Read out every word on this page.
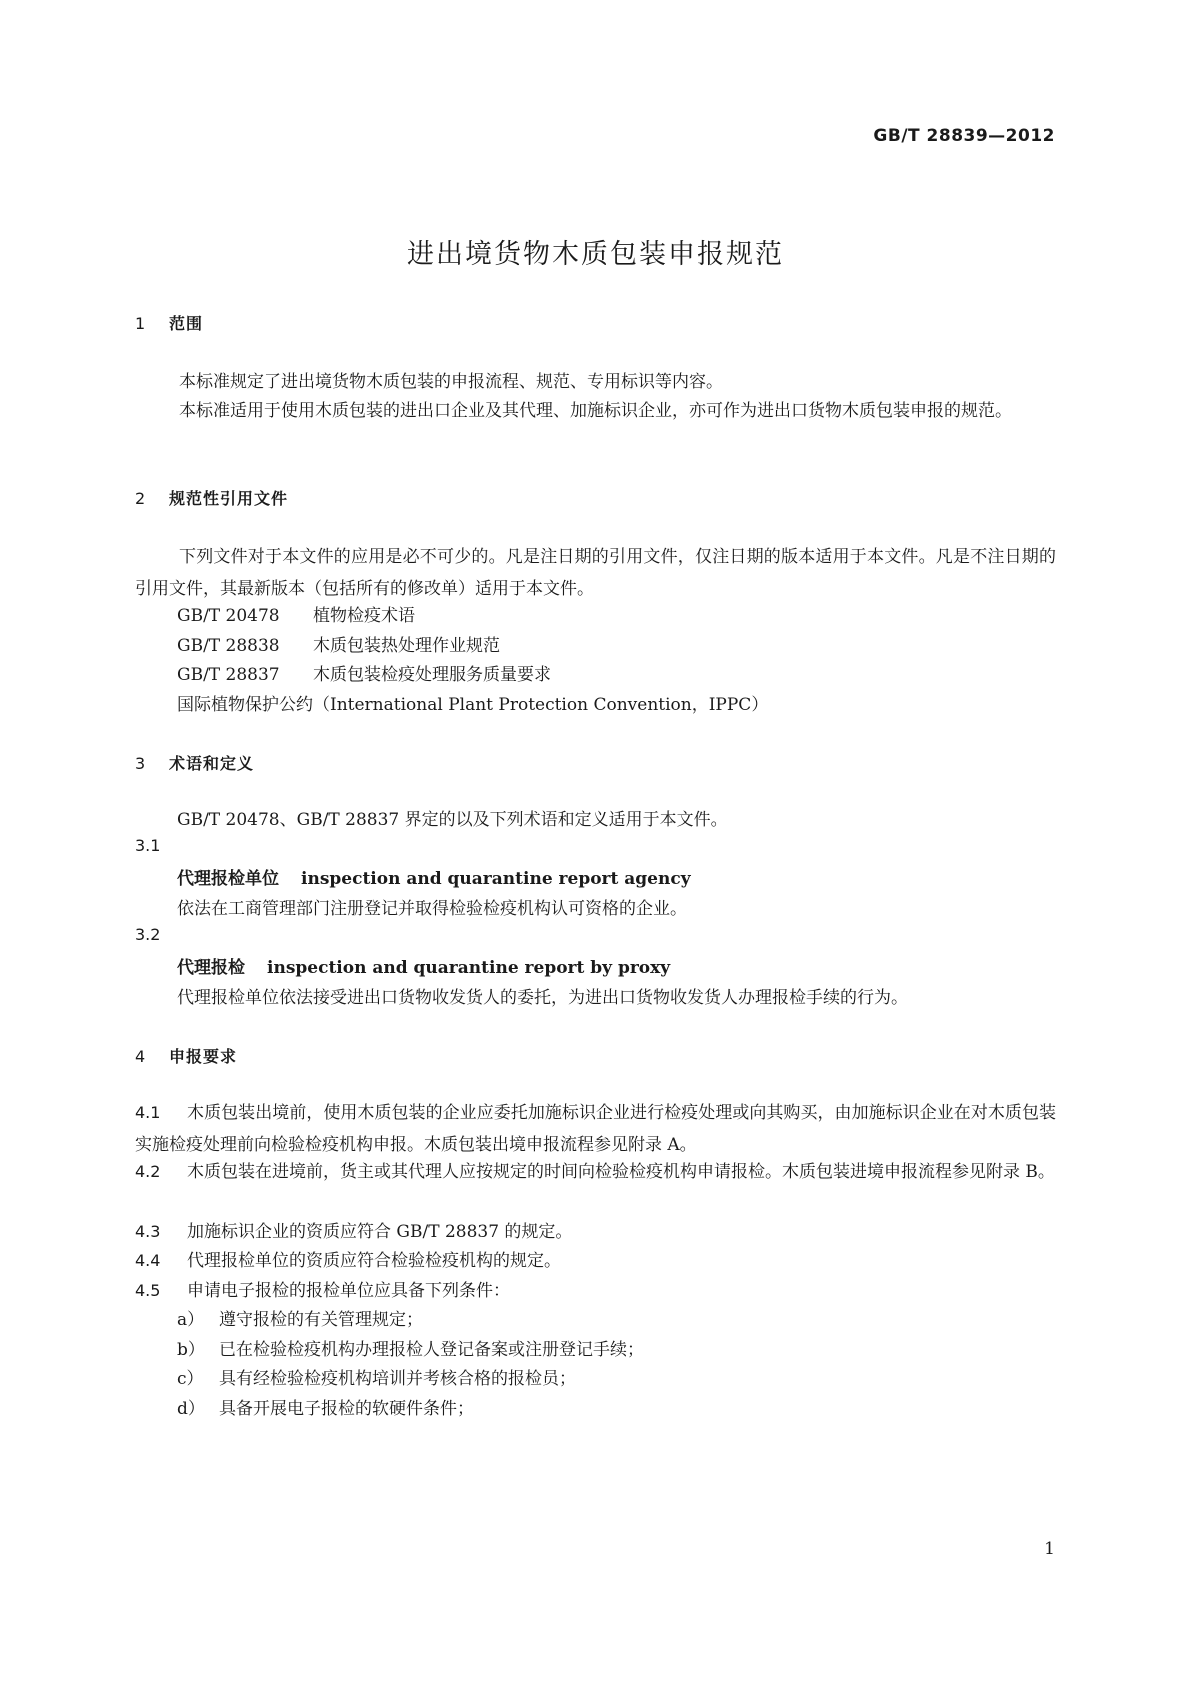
GB/T 28839—2012
进出境货物木质包装申报规范
1 范围
本标准规定了进出境货物木质包装的申报流程、规范、专用标识等内容。
本标准适用于使用木质包装的进出口企业及其代理、加施标识企业，亦可作为进出口货物木质包装申报的规范。
2 规范性引用文件
下列文件对于本文件的应用是必不可少的。凡是注日期的引用文件，仅注日期的版本适用于本文件。凡是不注日期的引用文件，其最新版本（包括所有的修改单）适用于本文件。
GB/T 20478 植物检疫术语
GB/T 28838 木质包装热处理作业规范
GB/T 28837 木质包装检疫处理服务质量要求
国际植物保护公约（International Plant Protection Convention，IPPC）
3 术语和定义
GB/T 20478、GB/T 28837 界定的以及下列术语和定义适用于本文件。
3.1
代理报检单位 inspection and quarantine report agency
依法在工商管理部门注册登记并取得检验检疫机构认可资格的企业。
3.2
代理报检 inspection and quarantine report by proxy
代理报检单位依法接受进出口货物收发货人的委托，为进出口货物收发货人办理报检手续的行为。
4 申报要求
4.1 木质包装出境前，使用木质包装的企业应委托加施标识企业进行检疫处理或向其购买，由加施标识企业在对木质包装实施检疫处理前向检验检疫机构申报。木质包装出境申报流程参见附录 A。
4.2 木质包装在进境前，货主或其代理人应按规定的时间向检验检疫机构申请报检。木质包装进境申报流程参见附录 B。
4.3 加施标识企业的资质应符合 GB/T 28837 的规定。
4.4 代理报检单位的资质应符合检验检疫机构的规定。
4.5 申请电子报检的报检单位应具备下列条件：
a） 遵守报检的有关管理规定；
b） 已在检验检疫机构办理报检人登记备案或注册登记手续；
c） 具有经检验检疫机构培训并考核合格的报检员；
d） 具备开展电子报检的软硬件条件；
1
